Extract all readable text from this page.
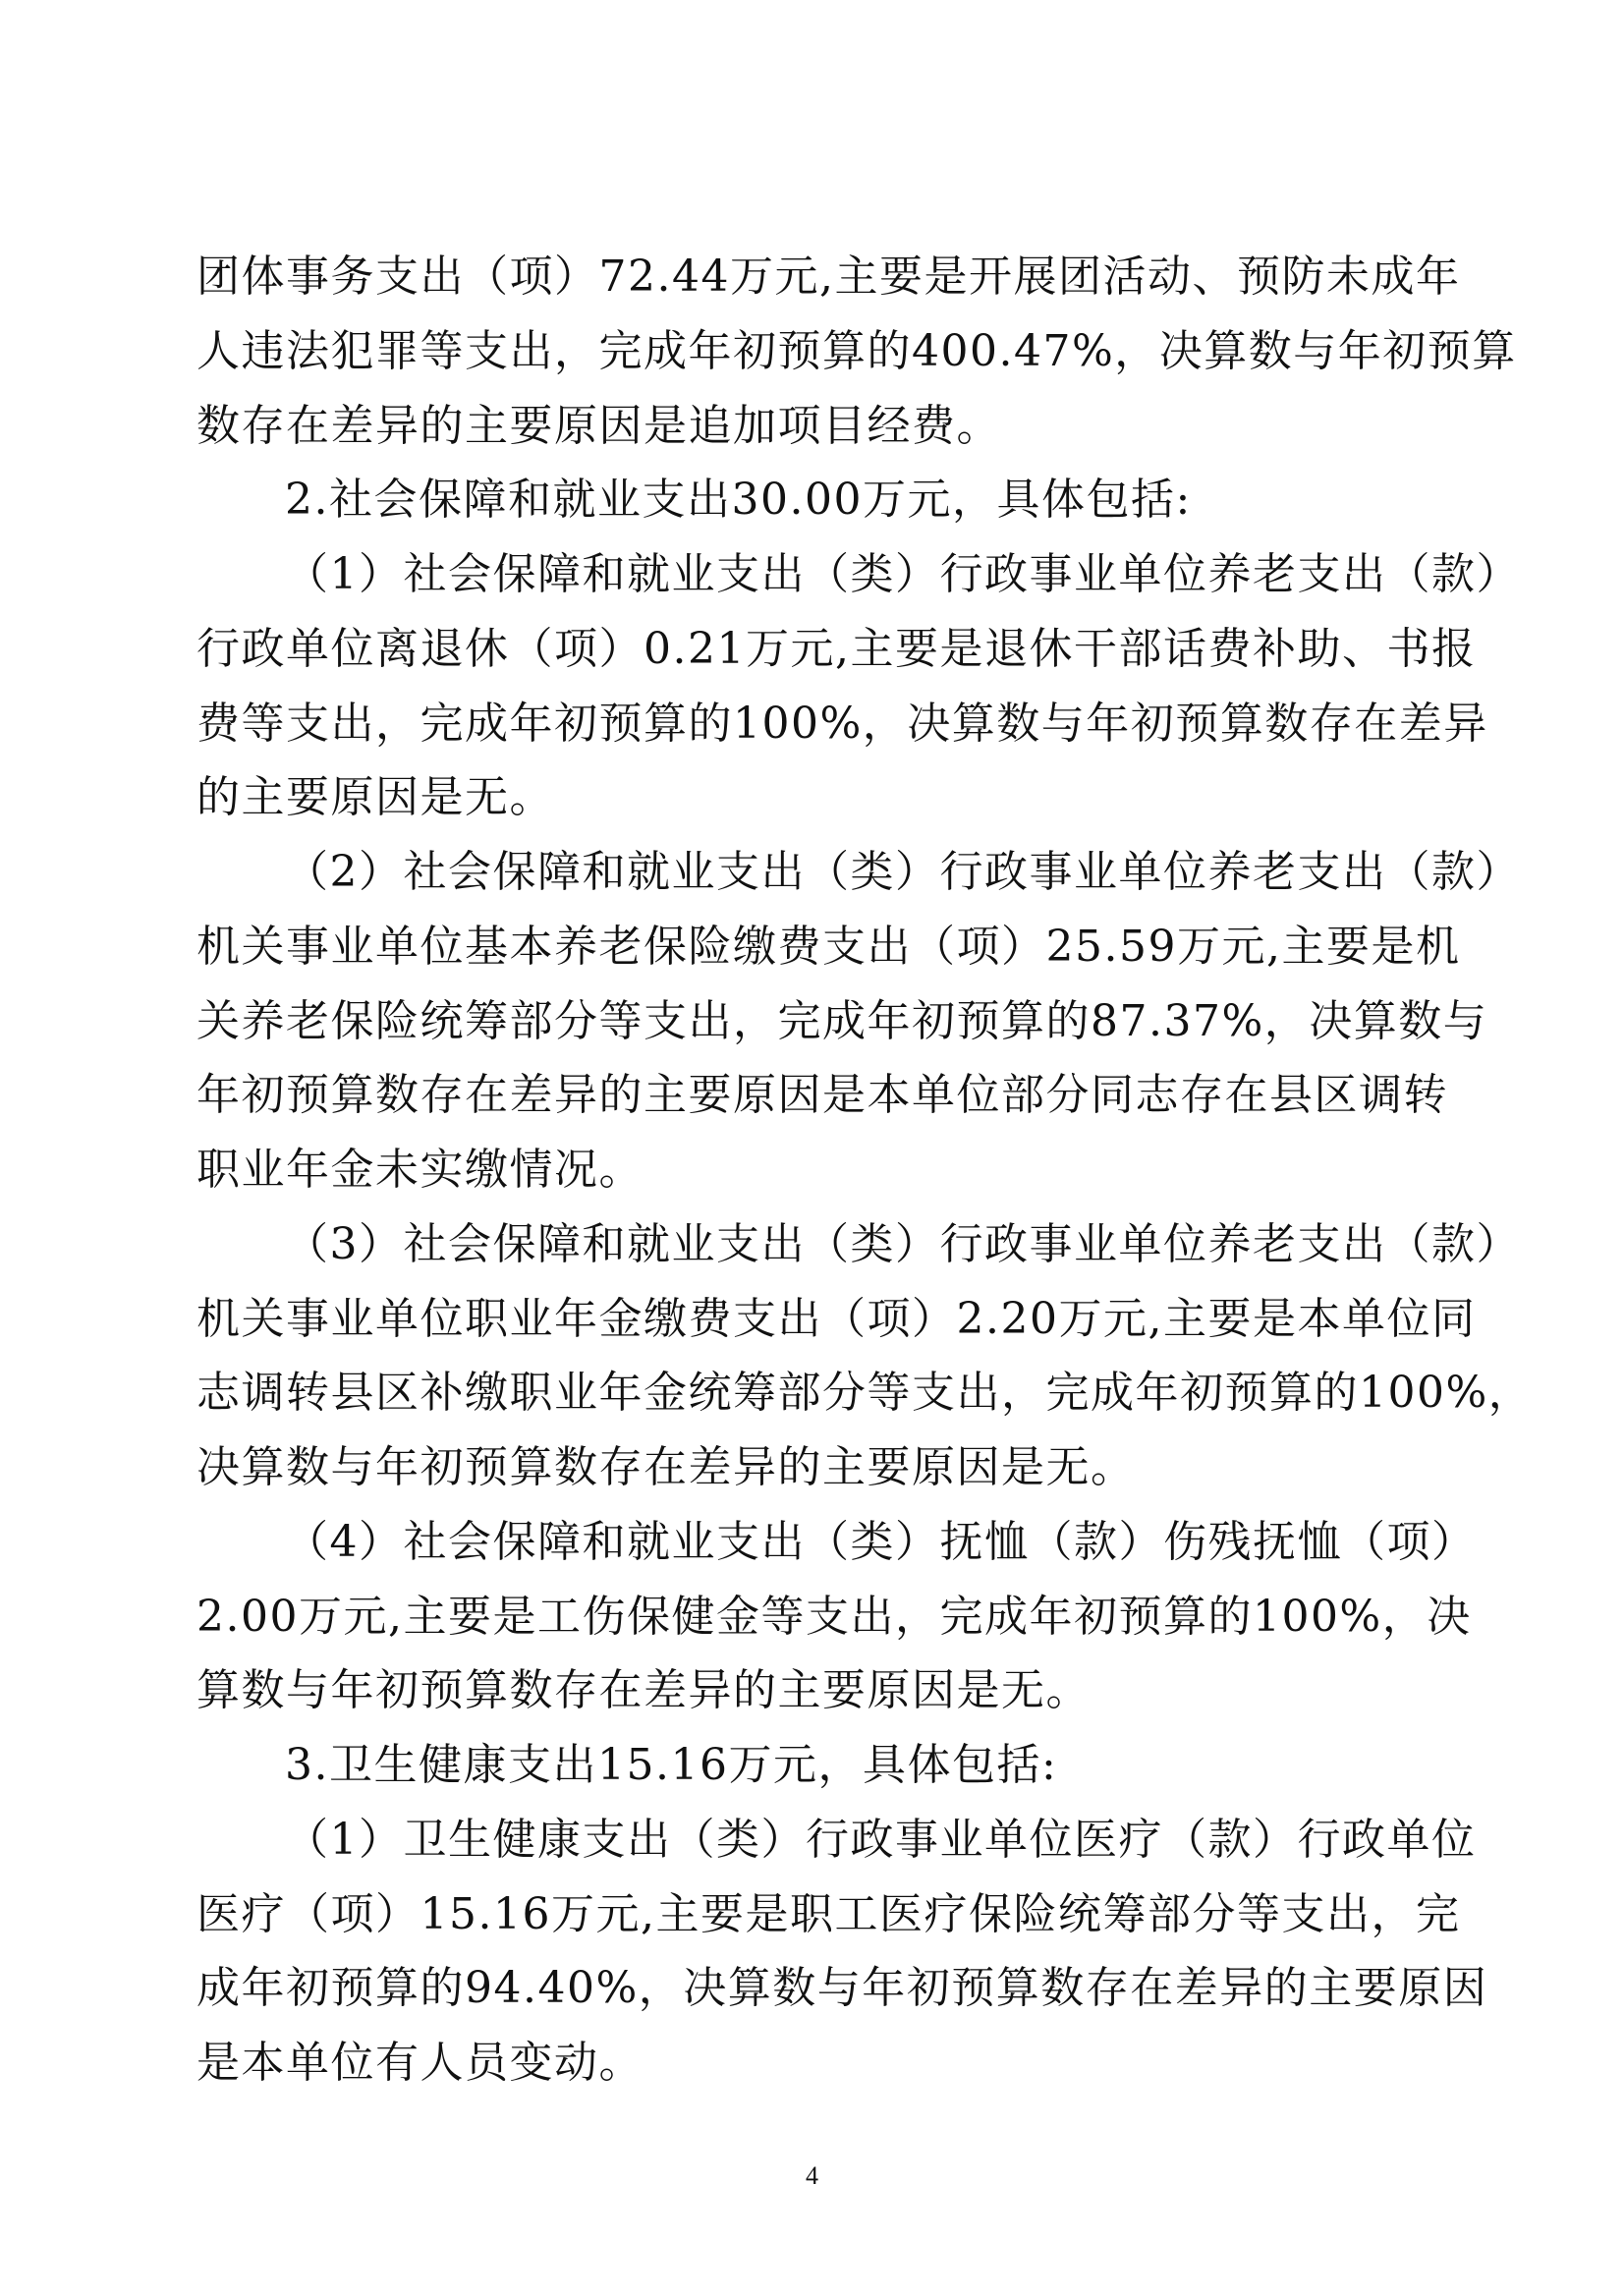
团体事务支出（项）72.44万元,主要是开展团活动、预防未成年
人违法犯罪等支出，完成年初预算的400.47%，决算数与年初预算
数存在差异的主要原因是追加项目经费。
2.社会保障和就业支出30.00万元，具体包括:
（1）社会保障和就业支出（类）行政事业单位养老支出（款）
行政单位离退休（项）0.21万元,主要是退休干部话费补助、书报
费等支出，完成年初预算的100%，决算数与年初预算数存在差异
的主要原因是无。
（2）社会保障和就业支出（类）行政事业单位养老支出（款）
机关事业单位基本养老保险缴费支出（项）25.59万元,主要是机
关养老保险统筹部分等支出，完成年初预算的87.37%，决算数与
年初预算数存在差异的主要原因是本单位部分同志存在县区调转
职业年金未实缴情况。
（3）社会保障和就业支出（类）行政事业单位养老支出（款）
机关事业单位职业年金缴费支出（项）2.20万元,主要是本单位同
志调转县区补缴职业年金统筹部分等支出，完成年初预算的100%，
决算数与年初预算数存在差异的主要原因是无。
（4）社会保障和就业支出（类）抚恤（款）伤残抚恤（项）
2.00万元,主要是工伤保健金等支出，完成年初预算的100%，决
算数与年初预算数存在差异的主要原因是无。
3.卫生健康支出15.16万元，具体包括:
（1）卫生健康支出（类）行政事业单位医疗（款）行政单位
医疗（项）15.16万元,主要是职工医疗保险统筹部分等支出，完
成年初预算的94.40%，决算数与年初预算数存在差异的主要原因
是本单位有人员变动。
4
